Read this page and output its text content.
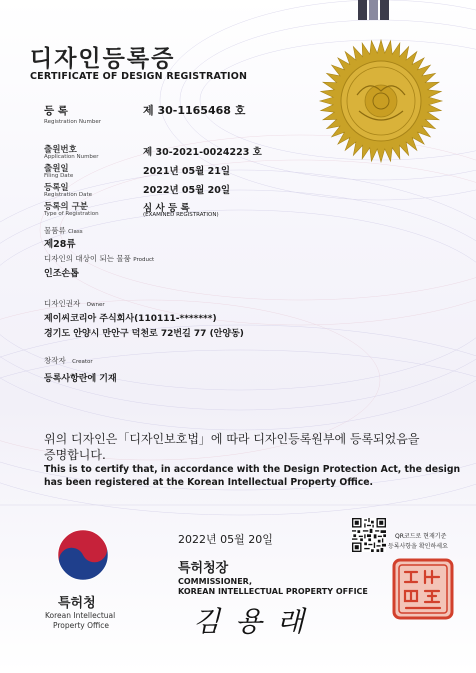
디자인등록증
CERTIFICATE OF DESIGN REGISTRATION
등 록
Registration Number
제 30-1165468 호
출원번호
Application Number	제 30-2021-0024223 호
출원일
Filing Date	2021년 05월 21일
등록일
Registration Date	2022년 05월 20일
등록의 구분
Type of Registration	심 사 등 록
(EXAMINED REGISTRATION)
물품류 Class
제28류
디자인의 대상이 되는 물품 Product
인조손톱
디자인권자 Owner
제이씨코리아 주식회사(110111-*******)
경기도 안양시 만안구 덕천로 72번길 77 (안양동)
창작자 Creator
등록사항란에 기재
위의 디자인은「디자인보호법」에 따라 디자인등록원부에 등록되었음을
증명합니다.
This is to certify that, in accordance with the Design Protection Act, the design
has been registered at the Korean Intellectual Property Office.
2022년 05월 20일	QR코드로 현재기준
등록사항을 확인하세요
특허청장
COMMISSIONER,
KOREAN INTELLECTUAL PROPERTY OFFICE
김 용 래
특허청
Korean Intellectual
Property Office
